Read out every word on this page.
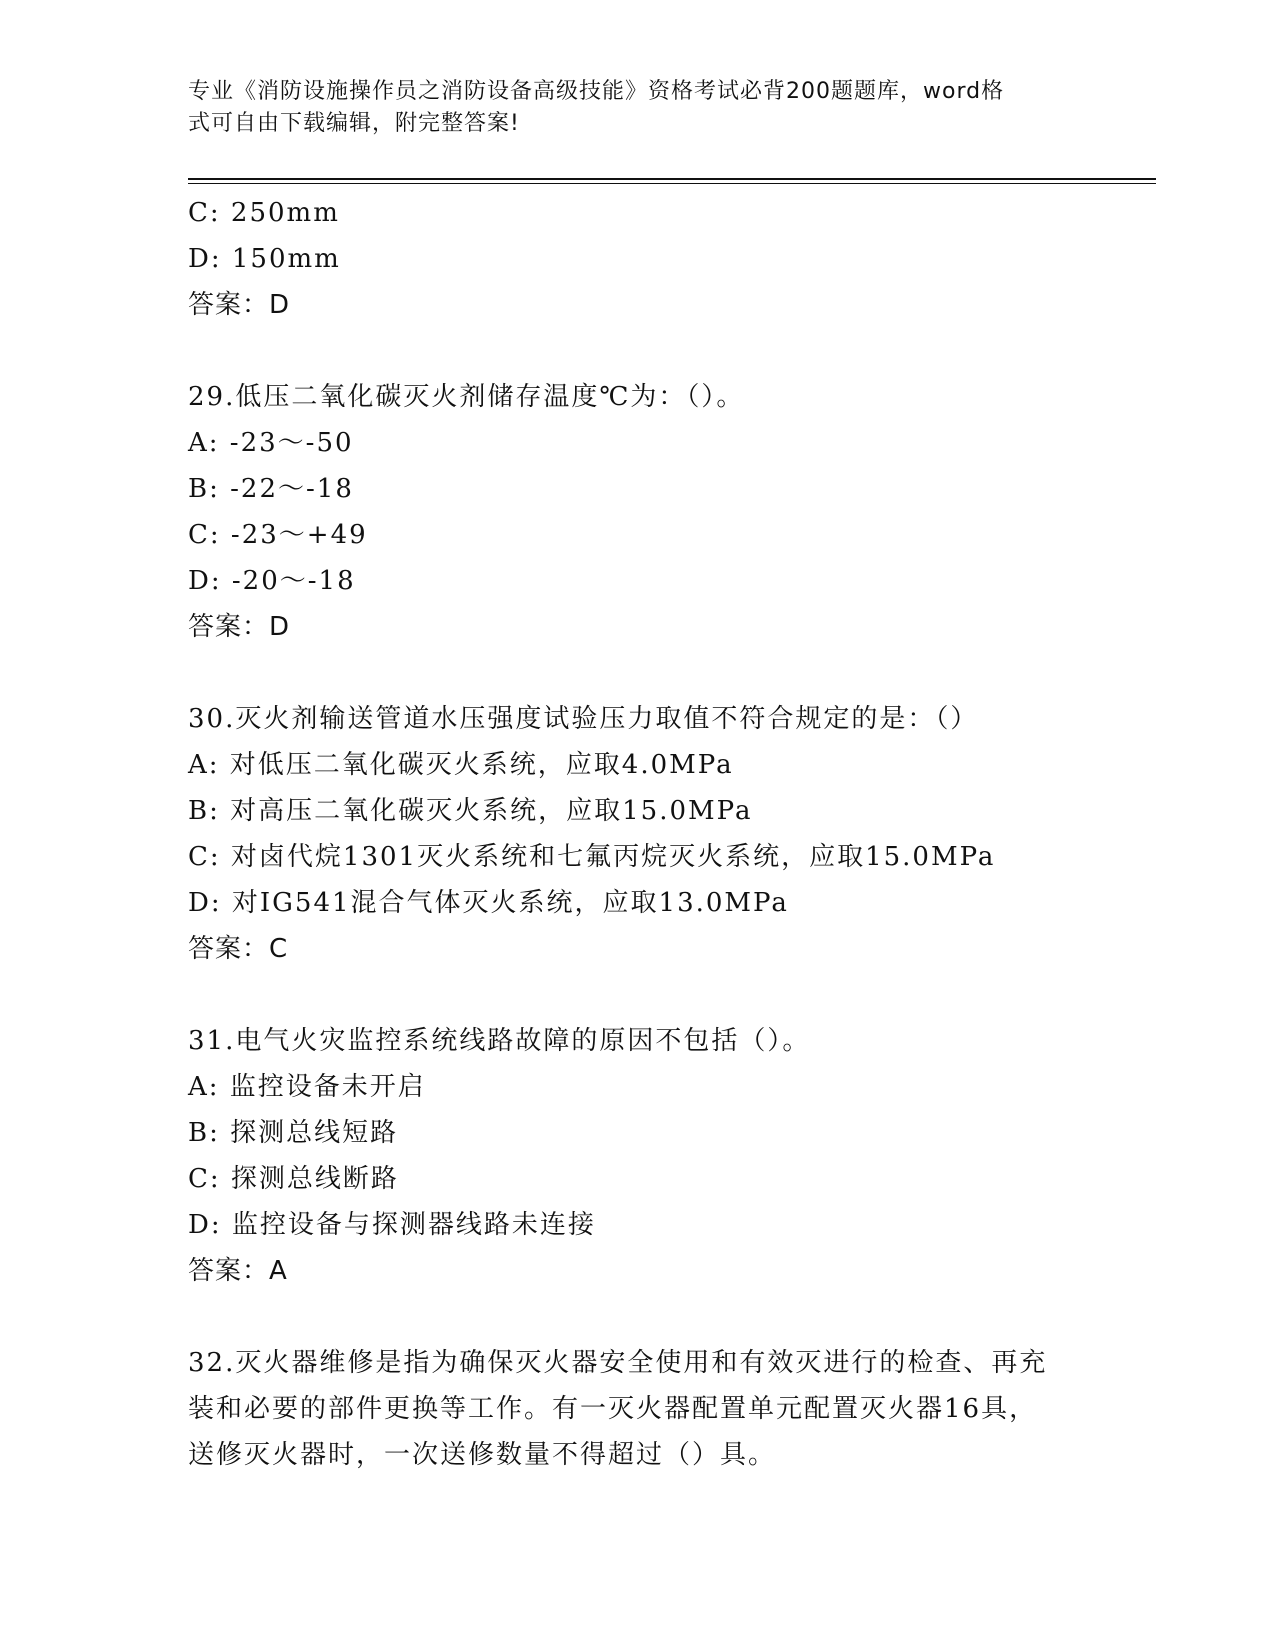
专业《消防设施操作员之消防设备高级技能》资格考试必背200题题库，word格
式可自由下载编辑，附完整答案!
C: 250mm
D: 150mm
答案：D
29.低压二氧化碳灭火剂储存温度℃为：（）。
A: -23～-50
B: -22～-18
C: -23～+49
D: -20～-18
答案：D
30.灭火剂输送管道水压强度试验压力取值不符合规定的是：（）
A: 对低压二氧化碳灭火系统，应取4.0MPa
B: 对高压二氧化碳灭火系统，应取15.0MPa
C: 对卤代烷1301灭火系统和七氟丙烷灭火系统，应取15.0MPa
D: 对IG541混合气体灭火系统，应取13.0MPa
答案：C
31.电气火灾监控系统线路故障的原因不包括（）。
A: 监控设备未开启
B: 探测总线短路
C: 探测总线断路
D: 监控设备与探测器线路未连接
答案：A
32.灭火器维修是指为确保灭火器安全使用和有效灭进行的检查、再充
装和必要的部件更换等工作。有一灭火器配置单元配置灭火器16具，
送修灭火器时，一次送修数量不得超过（）具。
